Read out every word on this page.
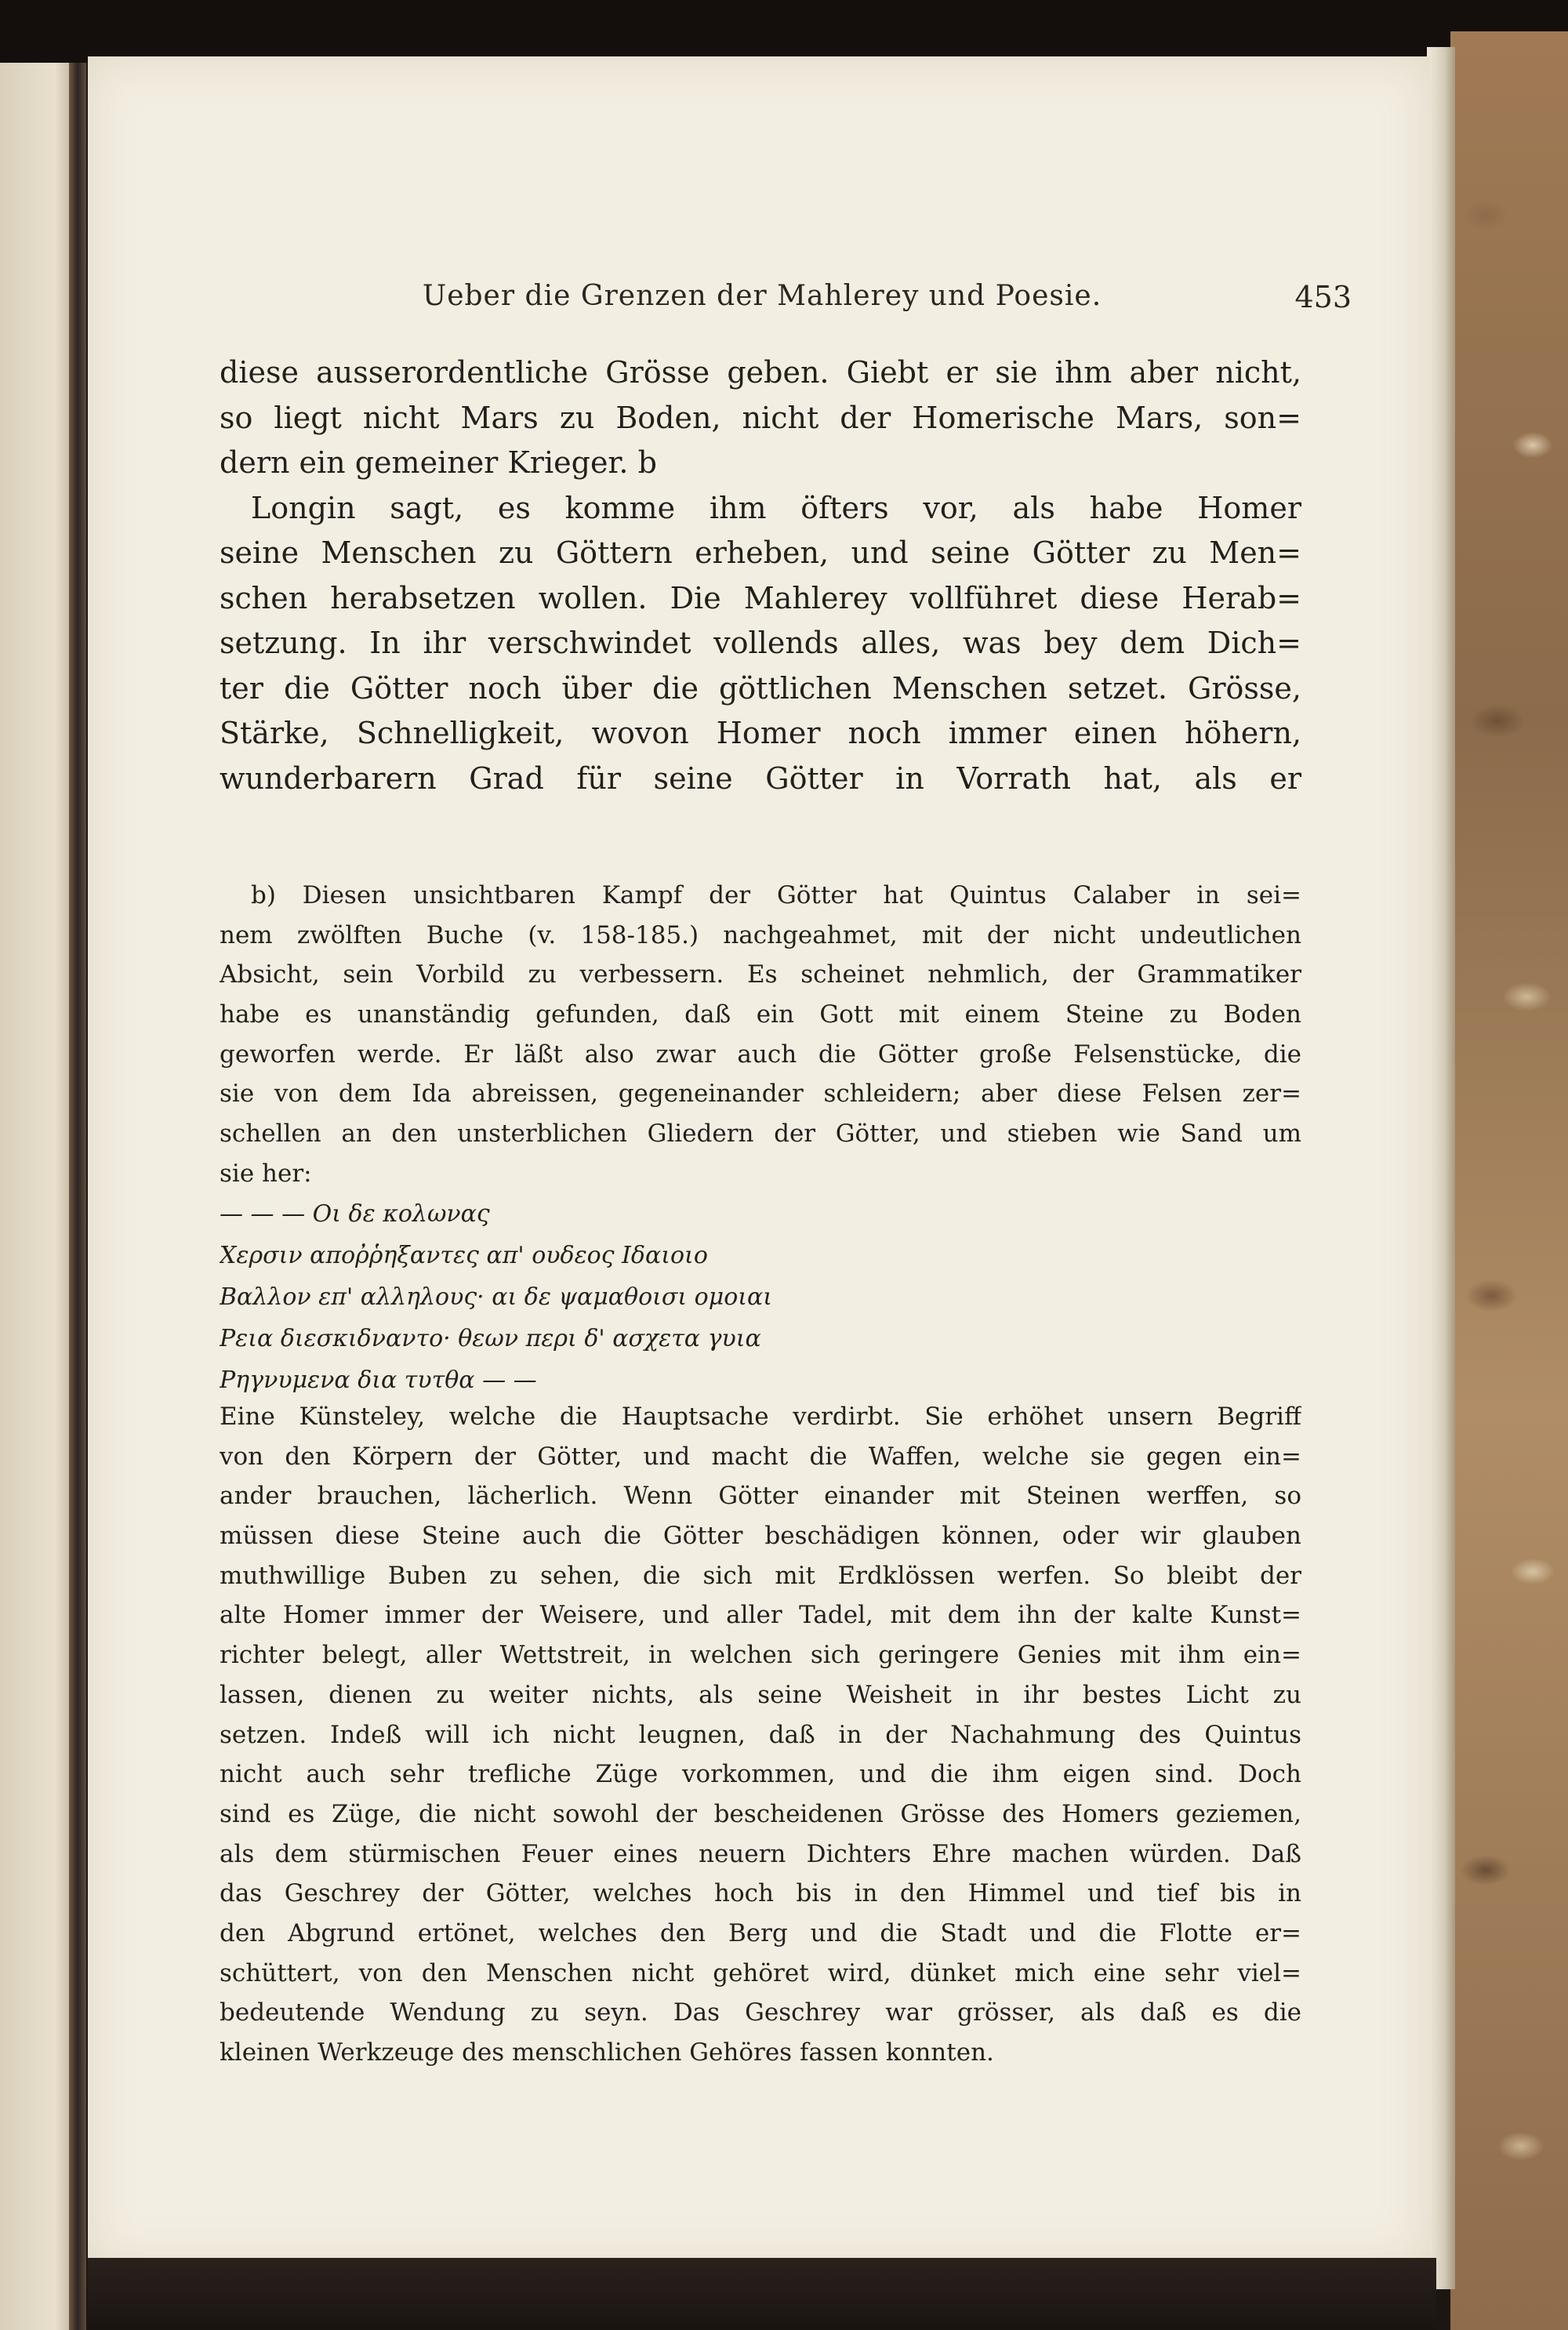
Ueber die Grenzen der Mahlerey und Poesie.	453
diese ausserordentliche Grösse geben. Giebt er sie ihm aber nicht,
so liegt nicht Mars zu Boden, nicht der Homerische Mars, son=
dern ein gemeiner Krieger. b
Longin sagt, es komme ihm öfters vor, als habe Homer
seine Menschen zu Göttern erheben, und seine Götter zu Men=
schen herabsetzen wollen. Die Mahlerey vollführet diese Herab=
setzung. In ihr verschwindet vollends alles, was bey dem Dich=
ter die Götter noch über die göttlichen Menschen setzet. Grösse,
Stärke, Schnelligkeit, wovon Homer noch immer einen höhern,
wunderbarern Grad für seine Götter in Vorrath hat, als er
b) Diesen unsichtbaren Kampf der Götter hat Quintus Calaber in sei=
nem zwölften Buche (v. 158-185.) nachgeahmet, mit der nicht undeutlichen
Absicht, sein Vorbild zu verbessern. Es scheinet nehmlich, der Grammatiker
habe es unanständig gefunden, daß ein Gott mit einem Steine zu Boden
geworfen werde. Er läßt also zwar auch die Götter große Felsenstücke, die
sie von dem Ida abreissen, gegeneinander schleidern; aber diese Felsen zer=
schellen an den unsterblichen Gliedern der Götter, und stieben wie Sand um
sie her:
— — — Οι δε κολωνας
Χερσιν αποῤῥηξαντες απ' ουδεος Ιδαιοιο
Βαλλον επ' αλληλους· αι δε ψαμαθοισι ομοιαι
Ρεια διεσκιδναντο· θεων περι δ' ασχετα γυια
Ρηγνυμενα δια τυτθα — —
Eine Künsteley, welche die Hauptsache verdirbt. Sie erhöhet unsern Begriff
von den Körpern der Götter, und macht die Waffen, welche sie gegen ein=
ander brauchen, lächerlich. Wenn Götter einander mit Steinen werffen, so
müssen diese Steine auch die Götter beschädigen können, oder wir glauben
muthwillige Buben zu sehen, die sich mit Erdklössen werfen. So bleibt der
alte Homer immer der Weisere, und aller Tadel, mit dem ihn der kalte Kunst=
richter belegt, aller Wettstreit, in welchen sich geringere Genies mit ihm ein=
lassen, dienen zu weiter nichts, als seine Weisheit in ihr bestes Licht zu
setzen. Indeß will ich nicht leugnen, daß in der Nachahmung des Quintus
nicht auch sehr trefliche Züge vorkommen, und die ihm eigen sind. Doch
sind es Züge, die nicht sowohl der bescheidenen Grösse des Homers geziemen,
als dem stürmischen Feuer eines neuern Dichters Ehre machen würden. Daß
das Geschrey der Götter, welches hoch bis in den Himmel und tief bis in
den Abgrund ertönet, welches den Berg und die Stadt und die Flotte er=
schüttert, von den Menschen nicht gehöret wird, dünket mich eine sehr viel=
bedeutende Wendung zu seyn. Das Geschrey war grösser, als daß es die
kleinen Werkzeuge des menschlichen Gehöres fassen konnten.
